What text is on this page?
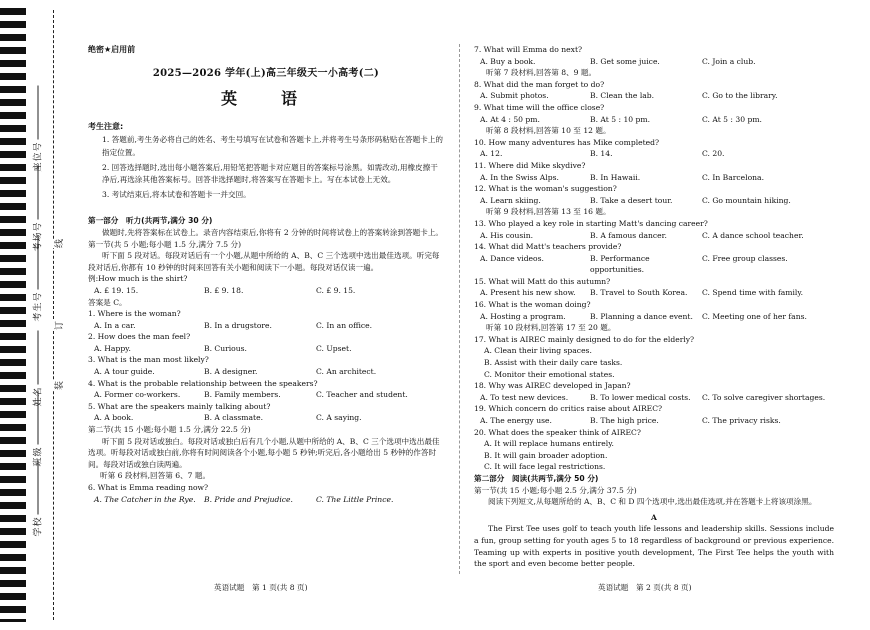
座位号
考场号
考生号
姓名
班级
学校
线
订
装
绝密★启用前
2025—2026 学年(上)高三年级天一小高考(二)
英　语
考生注意:
1. 答题前,考生务必将自己的姓名、考生号填写在试卷和答题卡上,并将考生号条形码粘贴在答题卡上的指定位置。
2. 回答选择题时,选出每小题答案后,用铅笔把答题卡对应题目的答案标号涂黑。如需改动,用橡皮擦干净后,再选涂其他答案标号。回答非选择题时,将答案写在答题卡上。写在本试卷上无效。
3. 考试结束后,将本试卷和答题卡一并交回。
第一部分　听力(共两节,满分 30 分)
做题时,先将答案标在试卷上。录音内容结束后,你将有 2 分钟的时间将试卷上的答案转涂到答题卡上。
第一节(共 5 小题;每小题 1.5 分,满分 7.5 分)
听下面 5 段对话。每段对话后有一个小题,从题中所给的 A、B、C 三个选项中选出最佳选项。听完每段对话后,你都有 10 秒钟的时间来回答有关小题和阅读下一小题。每段对话仅读一遍。
例:How much is the shirt?
A. £ 19. 15.	B. £ 9. 18.	C. £ 9. 15.
答案是 C。
1. Where is the woman?
A. In a car.	B. In a drugstore.	C. In an office.
2. How does the man feel?
A. Happy.	B. Curious.	C. Upset.
3. What is the man most likely?
A. A tour guide.	B. A designer.	C. An architect.
4. What is the probable relationship between the speakers?
A. Former co-workers.	B. Family members.	C. Teacher and student.
5. What are the speakers mainly talking about?
A. A book.	B. A classmate.	C. A saying.
第二节(共 15 小题;每小题 1.5 分,满分 22.5 分)
听下面 5 段对话或独白。每段对话或独白后有几个小题,从题中所给的 A、B、C 三个选项中选出最佳选项。听每段对话或独白前,你将有时间阅读各个小题,每小题 5 秒钟;听完后,各小题给出 5 秒钟的作答时间。每段对话或独白读两遍。
听第 6 段材料,回答第 6、7 题。
6. What is Emma reading now?
A. The Catcher in the Rye.	B. Pride and Prejudice.	C. The Little Prince.
7. What will Emma do next?
A. Buy a book.	B. Get some juice.	C. Join a club.
听第 7 段材料,回答第 8、9 题。
8. What did the man forget to do?
A. Submit photos.	B. Clean the lab.	C. Go to the library.
9. What time will the office close?
A. At 4 : 50 pm.	B. At 5 : 10 pm.	C. At 5 : 30 pm.
听第 8 段材料,回答第 10 至 12 题。
10. How many adventures has Mike completed?
A. 12.	B. 14.	C. 20.
11. Where did Mike skydive?
A. In the Swiss Alps.	B. In Hawaii.	C. In Barcelona.
12. What is the woman's suggestion?
A. Learn skiing.	B. Take a desert tour.	C. Go mountain hiking.
听第 9 段材料,回答第 13 至 16 题。
13. Who played a key role in starting Matt's dancing career?
A. His cousin.	B. A famous dancer.	C. A dance school teacher.
14. What did Matt's teachers provide?
A. Dance videos.	B. Performance opportunities.
C. Free group classes.
15. What will Matt do this autumn?
A. Present his new show.	B. Travel to South Korea.	C. Spend time with family.
16. What is the woman doing?
A. Hosting a program.	B. Planning a dance event.	C. Meeting one of her fans.
听第 10 段材料,回答第 17 至 20 题。
17. What is AIREC mainly designed to do for the elderly?
A. Clean their living spaces.
B. Assist with their daily care tasks.
C. Monitor their emotional states.
18. Why was AIREC developed in Japan?
A. To test new devices.	B. To lower medical costs.	C. To solve caregiver shortages.
19. Which concern do critics raise about AIREC?
A. The energy use.	B. The high price.	C. The privacy risks.
20. What does the speaker think of AIREC?
A. It will replace humans entirely.
B. It will gain broader adoption.
C. It will face legal restrictions.
第二部分　阅读(共两节,满分 50 分)
第一节(共 15 小题;每小题 2.5 分,满分 37.5 分)
阅读下列短文,从每题所给的 A、B、C 和 D 四个选项中,选出最佳选项,并在答题卡上将该项涂黑。
A
The First Tee uses golf to teach youth life lessons and leadership skills. Sessions include a fun, group setting for youth ages 5 to 18 regardless of background or previous experience. Teaming up with experts in positive youth development, The First Tee helps the youth with the sport and even become better people.
英语试题　第 1 页(共 8 页)	英语试题　第 2 页(共 8 页)
